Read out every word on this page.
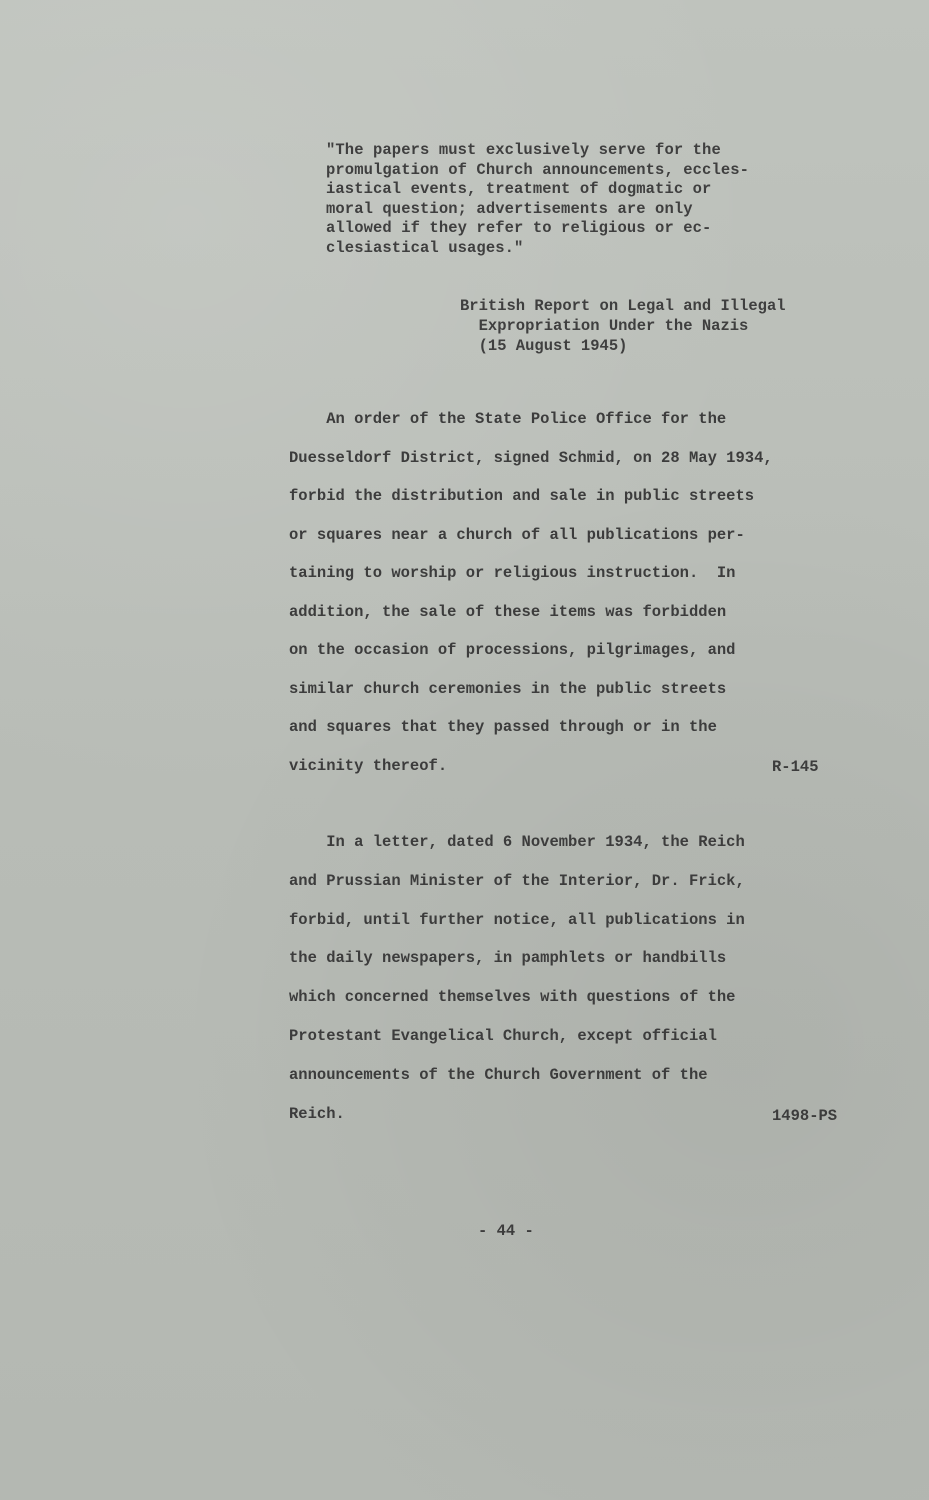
"The papers must exclusively serve for the
promulgation of Church announcements, eccles-
iastical events, treatment of dogmatic or
moral question; advertisements are only
allowed if they refer to religious or ec-
clesiastical usages."
British Report on Legal and Illegal
Expropriation Under the Nazis
(15 August 1945)
An order of the State Police Office for the
Duesseldorf District, signed Schmid, on 28 May 1934,
forbid the distribution and sale in public streets
or squares near a church of all publications per-
taining to worship or religious instruction.  In
addition, the sale of these items was forbidden
on the occasion of processions, pilgrimages, and
similar church ceremonies in the public streets
and squares that they passed through or in the
vicinity thereof.	R-145
In a letter, dated 6 November 1934, the Reich
and Prussian Minister of the Interior, Dr. Frick,
forbid, until further notice, all publications in
the daily newspapers, in pamphlets or handbills
which concerned themselves with questions of the
Protestant Evangelical Church, except official
announcements of the Church Government of the
Reich.	1498-PS
- 44 -
